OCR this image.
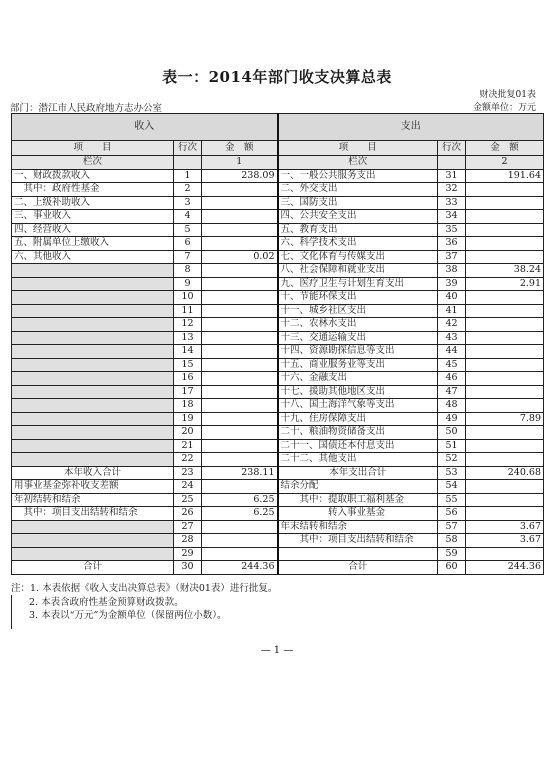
表一：2014年部门收支决算总表
财决批复01表
部门：潜江市人民政府地方志办公室	金额单位：万元
收入			支出		
项　　目	行次	金　额	项　　目	行次	金　额
栏次		1	栏次		2
一、财政拨款收入	1	238.09	一、一般公共服务支出	31	191.64
　其中：政府性基金	2		二、外交支出	32	
二、上级补助收入	3		三、国防支出	33	
三、事业收入	4		四、公共安全支出	34	
四、经营收入	5		五、教育支出	35	
五、附属单位上缴收入	6		六、科学技术支出	36	
六、其他收入	7	0.02	七、文化体育与传媒支出	37	
	8		八、社会保障和就业支出	38	38.24
	9		九、医疗卫生与计划生育支出	39	2.91
	10		十、节能环保支出	40	
	11		十一、城乡社区支出	41	
	12		十二、农林水支出	42	
	13		十三、交通运输支出	43	
	14		十四、资源勘探信息等支出	44	
	15		十五、商业服务业等支出	45	
	16		十六、金融支出	46	
	17		十七、援助其他地区支出	47	
	18		十八、国土海洋气象等支出	48	
	19		十九、住房保障支出	49	7.89
	20		二十、粮油物资储备支出	50	
	21		二十一、国债还本付息支出	51	
	22		二十二、其他支出	52	
本年收入合计	23	238.11	本年支出合计	53	240.68
用事业基金弥补收支差额	24		结余分配	54	
年初结转和结余	25	6.25	　　其中：提取职工福利基金	55	
　其中：项目支出结转和结余	26	6.25	　　　　　转入事业基金	56	
	27		年末结转和结余	57	3.67
	28		　　其中：项目支出结转和结余	58	3.67
	29			59	
合计	30	244.36	合计	60	244.36
注：1. 本表依据《收入支出决算总表》（财决01表）进行批复。
2. 本表含政府性基金预算财政拨款。
3. 本表以“万元”为金额单位（保留两位小数）。
— 1 —
